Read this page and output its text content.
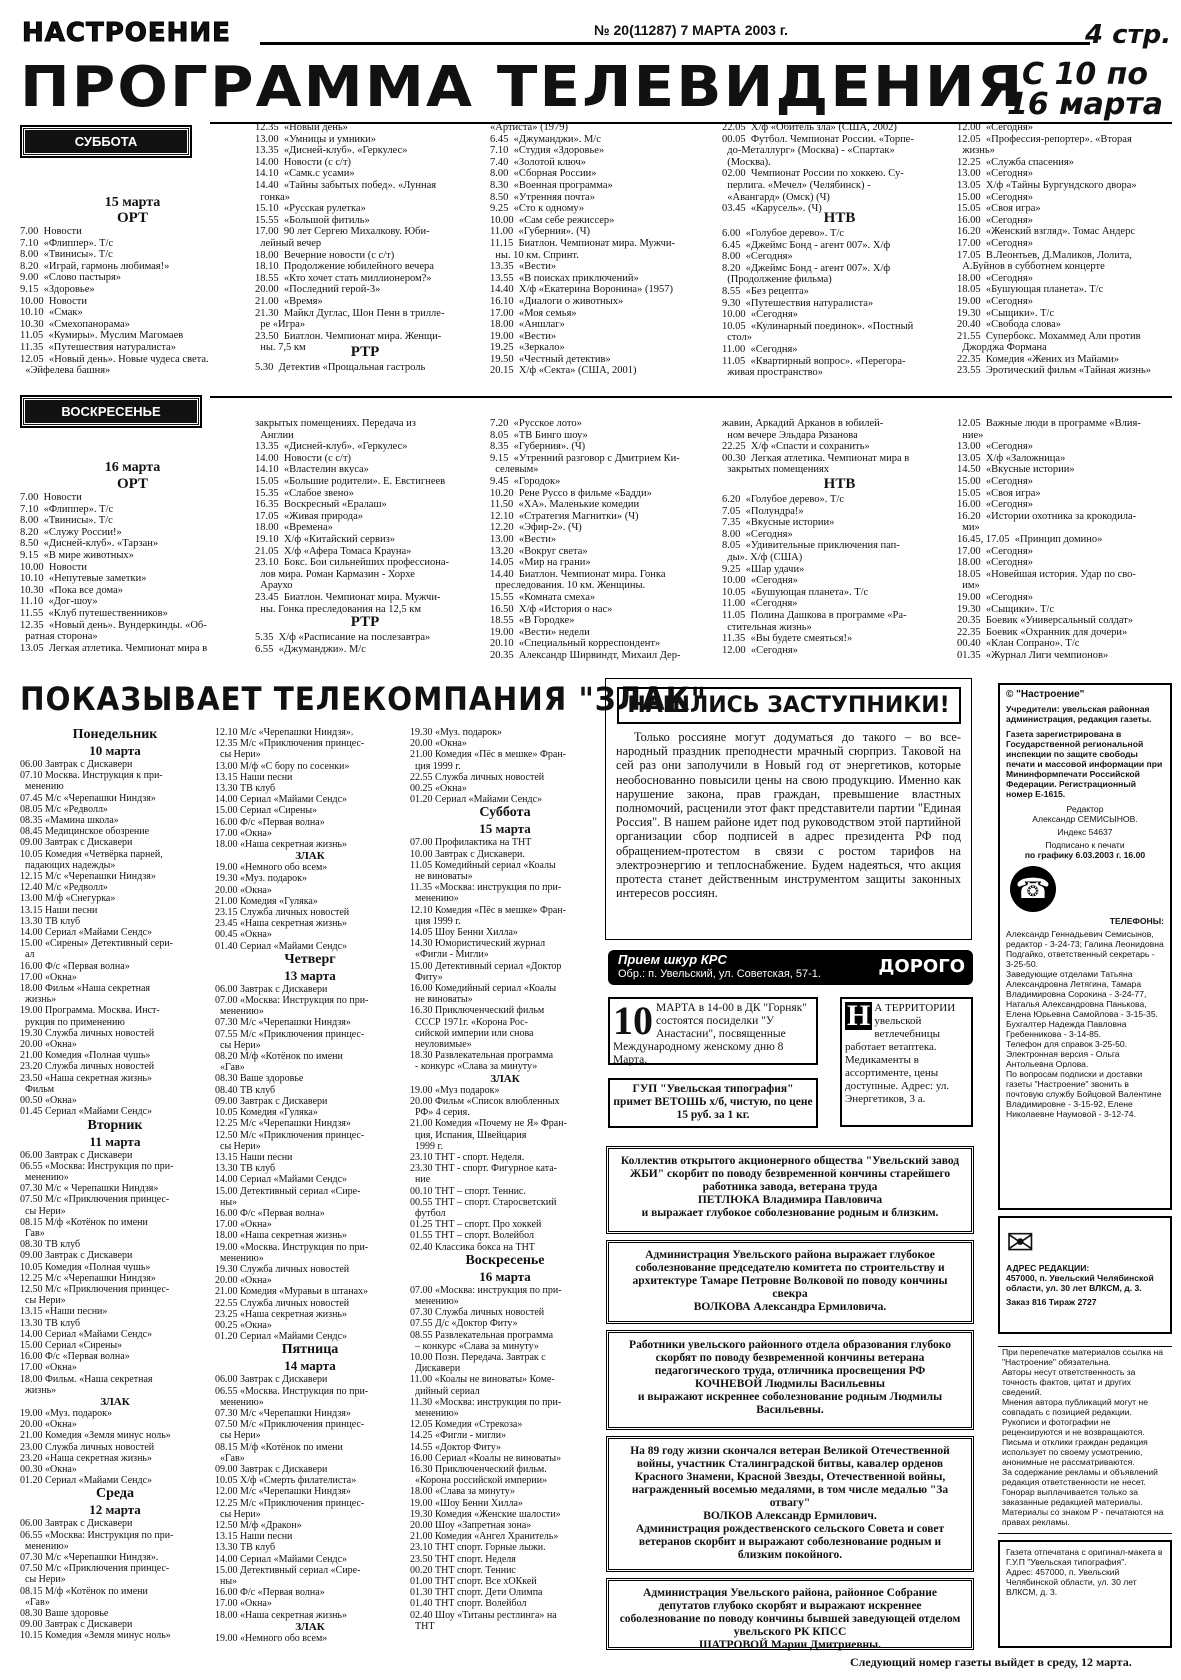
НАСТРОЕНИЕ	№ 20(11287) 7 МАРТА 2003 г.	4 стр.
ПРОГРАММА ТЕЛЕВИДЕНИЯ
С 10 по 16 марта
СУББОТА
15 марта
ОРТ
7.00  Новости
7.10  «Флиппер». Т/с
8.00  «Твинисы». Т/с
8.20  «Играй, гармонь любимая!»
9.00  «Слово пастыря»
9.15  «Здоровье»
10.00  Новости
10.10  «Смак»
10.30  «Смехопанорама»
11.05  «Кумиры». Муслим Магомаев
11.35  «Путешествия натуралиста»
12.05  «Новый день». Новые чудеса света.
«Эйфелева башня»
12.35  «Новый день»
13.00  «Умницы и умники»
13.35  «Дисней-клуб». «Геркулес»
14.00  Новости (с с/т)
14.10  «Самк.с усами»
14.40  «Тайны забытых побед». «Лунная
гонка»
15.10  «Русская рулетка»
15.55  «Большой фитиль»
17.00  90 лет Сергею Михалкову. Юби-
лейный вечер
18.00  Вечерние новости (с с/т)
18.10  Продолжение юбилейного вечера
18.55  «Кто хочет стать миллионером?»
20.00  «Последний герой-3»
21.00  «Время»
21.30  Майкл Дуглас, Шон Пенн в трилле-
ре «Игра»
23.50  Биатлон. Чемпионат мира. Женщи-
ны. 7,5 км	РТР
5.30  Детектив «Прощальная гастроль
«Артиста» (1979)
6.45  «Джуманджи». М/с
7.10  «Студия «Здоровье»
7.40  «Золотой ключ»
8.00  «Сборная России»
8.30  «Военная программа»
8.50  «Утренняя почта»
9.25  «Сто к одному»
10.00  «Сам себе режиссер»
11.00  «Губерния». (Ч)
11.15  Биатлон. Чемпионат мира. Мужчи-
ны. 10 км. Спринт.
13.35  «Вести»
13.55  «В поисках приключений»
14.40  Х/ф «Екатерина Воронина» (1957)
16.10  «Диалоги о животных»
17.00  «Моя семья»
18.00  «Аншлаг»
19.00  «Вести»
19.25  «Зеркало»
19.50  «Честный детектив»
20.15  Х/ф «Секта» (США, 2001)
22.05  Х/ф «Обитель зла» (США, 2002)
00.05  Футбол. Чемпионат России. «Торпе-
до-Металлург» (Москва) - «Спартак»
(Москва).
02.00  Чемпионат России по хоккею. Су-
перлига. «Мечел» (Челябинск) -
«Авангард» (Омск) (Ч)
03.45  «Карусель». (Ч)
НТВ
6.00  «Голубое дерево». Т/с
6.45  «Джеймс Бонд - агент 007». Х/ф
8.00  «Сегодня»
8.20  «Джеймс Бонд - агент 007». Х/ф
(Продолжение фильма)
8.55  «Без рецепта»
9.30  «Путешествия натуралиста»
10.00  «Сегодня»
10.05  «Кулинарный поединок». «Постный
стол»
11.00  «Сегодня»
11.05  «Квартирный вопрос». «Перегора-
живая пространство»
12.00  «Сегодня»
12.05  «Профессия-репортер». «Вторая
жизнь»
12.25  «Служба спасения»
13.00  «Сегодня»
13.05  Х/ф «Тайны Бургундского двора»
15.00  «Сегодня»
15.05  «Своя игра»
16.00  «Сегодня»
16.20  «Женский взгляд». Томас Андерс
17.00  «Сегодня»
17.05  В.Леонтьев, Д.Маликов, Лолита,
А.Буйнов в субботнем концерте
18.00  «Сегодня»
18.05  «Бушующая планета». Т/с
19.00  «Сегодня»
19.30  «Сыщики». Т/с
20.40  «Свобода слова»
21.55  Супербокс. Мохаммед Али против
Джорджа Формана
22.35  Комедия «Жених из Майами»
23.55  Эротический фильм «Тайная жизнь»
ВОСКРЕСЕНЬЕ
16 марта
ОРТ
7.00  Новости
7.10  «Флиппер». Т/с
8.00  «Твинисы». Т/с
8.20  «Служу России!»
8.50  «Дисней-клуб». «Тарзан»
9.15  «В мире животных»
10.00  Новости
10.10  «Непутевые заметки»
10.30  «Пока все дома»
11.10  «Дог-шоу»
11.55  «Клуб путешественников»
12.35  «Новый день». Вундеркинды. «Об-
ратная сторона»
13.05  Легкая атлетика. Чемпионат мира в
закрытых помещениях. Передача из
Англии
13.35  «Дисней-клуб». «Геркулес»
14.00  Новости (с с/т)
14.10  «Властелин вкуса»
15.05  «Большие родители». Е. Евстигнеев
15.35  «Слабое звено»
16.35  Воскресный «Ералаш»
17.05  «Живая природа»
18.00  «Времена»
19.10  Х/ф «Китайский сервиз»
21.05  Х/ф «Афера Томаса Крауна»
23.10  Бокс. Бои сильнейших профессиона-
лов мира. Роман Кармазин - Хорхе
Араухо
23.45  Биатлон. Чемпионат мира. Мужчи-
ны. Гонка преследования на 12,5 км
РТР
5.35  Х/ф «Расписание на послезавтра»
6.55  «Джуманджи». М/с
7.20  «Русское лото»
8.05  «ТВ Бинго шоу»
8.35  «Губерния». (Ч)
9.15  «Утренний разговор с Дмитрием Ки-
селевым»
9.45  «Городок»
10.20  Рене Руссо в фильме «Бадди»
11.50  «ХА». Маленькие комедии
12.10  «Стратегия Магнитки» (Ч)
12.20  «Эфир-2». (Ч)
13.00  «Вести»
13.20  «Вокруг света»
14.05  «Мир на грани»
14.40  Биатлон. Чемпионат мира. Гонка
преследования. 10 км. Женщины.
15.55  «Комната смеха»
16.50  Х/ф «История о нас»
18.55  «В Городке»
19.00  «Вести» недели
20.10  «Специальный корреспондент»
20.35  Александр Ширвиндт, Михаил Дер-
жавин, Аркадий Арканов в юбилей-
ном вечере Эльдара Рязанова
22.25  Х/ф «Спасти и сохранить»
00.30  Легкая атлетика. Чемпионат мира в
закрытых помещениях
НТВ
6.20  «Голубое дерево». Т/с
7.05  «Полундра!»
7.35  «Вкусные истории»
8.00  «Сегодня»
8.05  «Удивительные приключения пап-
ды». Х/ф (США)
9.25  «Шар удачи»
10.00  «Сегодня»
10.05  «Бушующая планета». Т/с
11.00  «Сегодня»
11.05  Полина Дашкова в программе «Ра-
стительная жизнь»
11.35  «Вы будете смеяться!»
12.00  «Сегодня»
12.05  Важные люди в программе «Влия-
ние»
13.00  «Сегодня»
13.05  Х/ф «Заложница»
14.50  «Вкусные истории»
15.00  «Сегодня»
15.05  «Своя игра»
16.00  «Сегодня»
16.20  «Истории охотника за крокодила-
ми»
16.45, 17.05  «Принцип домино»
17.00  «Сегодня»
18.00  «Сегодня»
18.05  «Новейшая история. Удар по сво-
им»
19.00  «Сегодня»
19.30  «Сыщики». Т/с
20.35  Боевик «Универсальный солдат»
22.35  Боевик «Охранник для дочери»
00.40  «Клан Сопрано». Т/с
01.35  «Журнал Лиги чемпионов»
ПОКАЗЫВАЕТ ТЕЛЕКОМПАНИЯ "ЗЛАК"
Понедельник
10 марта
06.00 Завтрак с Дискавери
07.10 Москва. Инструкция к при-
менению
07.45 М/с «Черепашки Ниндзя»
08.05 М/с «Редволл»
08.35 «Мамина школа»
08.45 Медицинское обозрение
09.00 Завтрак с Дискавери
10.05 Комедия «Четвёрка парней,
падающих надежды»
12.15 М/с «Черепашки Ниндзя»
12.40 М/с «Редволл»
13.00 М/ф «Снегурка»
13.15 Наши песни
13.30 ТВ клуб
14.00 Сериал «Майами Сендс»
15.00 «Сирены» Детективный сери-
ал
16.00 Ф/с «Первая волна»
17.00 «Окна»
18.00 Фильм «Наша секретная
жизнь»
19.00 Программа. Москва. Инст-
рукция по применению
19.30 Служба личных новостей
20.00 «Окна»
21.00 Комедия «Полная чушь»
23.20 Служба личных новостей
23.50 «Наша секретная жизнь»
Фильм
00.50 «Окна»
01.45 Сериал «Майами Сендс»
Вторник
11 марта
06.00 Завтрак с Дискавери
06.55 «Москва: Инструкция по при-
менению»
07.30 М/с « Черепашки Ниндзя»
07.50 М/с «Приключения принцес-
сы Нери»
08.15 М/ф «Котёнок по имени
Гав»
08.30 ТВ клуб
09.00 Завтрак с Дискавери
10.05 Комедия «Полная чушь»
12.25 М/с «Черепашки Ниндзя»
12.50 М/с «Приключения принцес-
сы Нери»
13.15 «Наши песни»
13.30 ТВ клуб
14.00 Сериал «Майами Сендс»
15.00 Сериал «Сирены»
16.00 Ф/с «Первая волна»
17.00 «Окна»
18.00 Фильм. «Наша секретная
жизнь»
ЗЛАК
19.00 «Муз. подарок»
20.00 «Окна»
21.00 Комедия «Земля минус ноль»
23.00 Служба личных новостей
23.20 «Наша секретная жизнь»
00.30 «Окна»
01.20 Сериал «Майами Сендс»
Среда
12 марта
06.00 Завтрак с Дискавери
06.55 «Москва: Инструкция по при-
менению»
07.30 М/с «Черепашки Ниндзя».
07.50 М/с «Приключения принцес-
сы Нери»
08.15 М/ф «Котёнок по имени
«Гав»
08.30 Ваше здоровье
09.00 Завтрак с Дискавери
10.15 Комедия «Земля минус ноль»
12.10 М/с «Черепашки Ниндзя».
12.35 М/с «Приключения принцес-
сы Нери»
13.00 М/ф «С бору по сосенки»
13.15 Наши песни
13.30 ТВ клуб
14.00 Сериал «Майами Сендс»
15.00 Сериал «Сирены»
16.00 Ф/с «Первая волна»
17.00 «Окна»
18.00 «Наша секретная жизнь»
ЗЛАК
19.00 «Немного обо всем»
19.30 «Муз. подарок»
20.00 «Окна»
21.00 Комедия «Гуляка»
23.15 Служба личных новостей
23.45 «Наша секретная жизнь»
00.45 «Окна»
01.40 Сериал «Майами Сендс»
Четверг
13 марта
06.00 Завтрак с Дискавери
07.00 «Москва: Инструкция по при-
менению»
07.30 М/с «Черепашки Ниндзя»
07.55 М/с «Приключения принцес-
сы Нери»
08.20 М/ф «Котёнок по имени
«Гав»
08.30 Ваше здоровье
08.40 ТВ клуб
09.00 Завтрак с Дискавери
10.05 Комедия «Гуляка»
12.25 М/с «Черепашки Ниндзя»
12.50 М/с «Приключения принцес-
сы Нери»
13.15 Наши песни
13.30 ТВ клуб
14.00 Сериал «Майами Сендс»
15.00 Детективный сериал «Сире-
ны»
16.00 Ф/с «Первая волна»
17.00 «Окна»
18.00 «Наша секретная жизнь»
19.00 «Москва. Инструкция по при-
менению»
19.30 Служба личных новостей
20.00 «Окна»
21.00 Комедия «Муравьи в штанах»
22.55 Служба личных новостей
23.25 «Наша секретная жизнь»
00.25 «Окна»
01.20 Сериал «Майами Сендс»
Пятница
14 марта
06.00 Завтрак с Дискавери
06.55 «Москва. Инструкция по при-
менению»
07.30 М/с «Черепашки Ниндзя»
07.50 М/с «Приключения принцес-
сы Нери»
08.15 М/ф «Котёнок по имени
«Гав»
09.00 Завтрак с Дискавери
10.05 Х/ф «Смерть филателиста»
12.00 М/с «Черепашки Ниндзя»
12.25 М/с «Приключения принцес-
сы Нери»
12.50 М/ф «Дракон»
13.15 Наши песни
13.30 ТВ клуб
14.00 Сериал «Майами Сендс»
15.00 Детективный сериал «Сире-
ны»
16.00 Ф/с «Первая волна»
17.00 «Окна»
18.00 «Наша секретная жизнь»
ЗЛАК
19.00 «Немного обо всем»
19.30 «Муз. подарок»
20.00 «Окна»
21.00 Комедия «Пёс в мешке» Фран-
ция 1999 г.
22.55 Служба личных новостей
00.25 «Окна»
01.20 Сериал «Майами Сендс»
Суббота
15 марта
07.00 Профилактика на ТНТ
10.00 Завтрак с Дискавери.
11.05 Комедийный сериал «Коалы
не виноваты»
11.35 «Москва: инструкция по при-
менению»
12.10 Комедия «Пёс в мешке» Фран-
ция 1999 г.
14.05 Шоу Бенни Хилла»
14.30 Юмористический журнал
«Фигли - Мигли»
15.00 Детективный сериал «Доктор
Фиту»
16.00 Комедийный сериал «Коалы
не виноваты»
16.30 Приключенческий фильм
СССР 1971г. «Корона Рос-
сийской империи или снова
неуловимые»
18.30 Развлекательная программа
- конкурс «Слава за минуту»
ЗЛАК
19.00 «Муз подарок»
20.00 Фильм «Список влюбленных
РФ» 4 серия.
21.00 Комедия «Почему не Я» Фран-
ция, Испания, Швейцария
1999 г.
23.10 ТНТ - спорт. Неделя.
23.30 ТНТ - спорт. Фигурное ката-
ние
00.10 ТНТ – спорт. Теннис.
00.55 ТНТ – спорт. Старосветский
футбол
01.25 ТНТ – спорт. Про хоккей
01.55 ТНТ – спорт. Волейбол
02.40 Классика бокса на ТНТ
Воскресенье
16 марта
07.00 «Москва: инструкция по при-
менению»
07.30 Служба личных новостей
07.55 Д/с «Доктор Фиту»
08.55 Развлекательная программа
– конкурс «Слава за минуту»
10.00 Позн. Передача. Завтрак с
Дискавери
11.00 «Коалы не виноваты» Коме-
дийный сериал
11.30 «Москва: инструкция по при-
менению»
12.05 Комедия «Стрекоза»
14.25 «Фигли - мигли»
14.55 «Доктор Фиту»
16.00 Сериал «Коалы не виноваты»
16.30 Приключенческий фильм.
«Корона российской империи»
18.00 «Слава за минуту»
19.00 «Шоу Бенни Хилла»
19.30 Комедия «Женские шалости»
20.00 Шоу «Запретная зона»
21.00 Комедия «Ангел Хранитель»
23.10 ТНТ спорт. Горные лыжи.
23.50 ТНТ спорт. Неделя
00.20 ТНТ спорт. Теннис
01.00 ТНТ спорт. Все хОКкей
01.30 ТНТ спорт. Дети Олимпа
01.40 ТНТ спорт. Волейбол
02.40 Шоу «Титаны рестлинга» на
ТНТ
НАШЛИСЬ ЗАСТУПНИКИ!
Только россияне могут додуматься до такого – во все-народный праздник преподнести мрачный сюрприз. Таковой на сей раз они заполучили в Новый год от энергетиков, которые необоснованно повысили цены на свою продукцию. Именно как нарушение закона, прав граждан, превышение властных полномочий, расценили этот факт представители партии "Единая Россия". В нашем районе идет под руководством этой партийной организации сбор подписей в адрес президента РФ под обращением-протестом в связи с ростом тарифов на электроэнергию и теплоснабжение. Будем надеяться, что акция протеста станет действенным инструментом защиты законных интересов россиян.
Прием шкур КРС
Обр.: п. Увельский, ул. Советская, 57-1.	ДОРОГО
10 МАРТА в 14-00 в ДК "Горняк" состоятся посиделки "У Анастасии", посвященные Международному женскому дню 8 Марта.
Н А ТЕРРИТОРИИ увельской ветлечебницы работает ветаптека. Медикаменты в ассортименте, цены доступные. Адрес: ул. Энергетиков, 3 а.
ГУП "Увельская типография" примет ВЕТОШЬ х/б, чистую, по цене 15 руб. за 1 кг.
Коллектив открытого акционерного общества "Увельский завод ЖБИ" скорбит по поводу безвременной кончины старейшего работника завода, ветерана труда
ПЕТЛЮКА Владимира Павловича
и выражает глубокое соболезнование родным и близким.
Администрация Увельского района выражает глубокое соболезнование председателю комитета по строительству и архитектуре Тамаре Петровне Волковой по поводу кончины свекра
ВОЛКОВА Александра Ермиловича.
Работники увельского районного отдела образования глубоко скорбят по поводу безвременной кончины ветерана педагогического труда, отличника просвещения РФ
КОЧНЕВОЙ Людмилы Васильевны
и выражают искреннее соболезнование родным Людмилы Васильевны.
На 89 году жизни скончался ветеран Великой Отечественной войны, участник Сталинградской битвы, кавалер орденов Красного Знамени, Красной Звезды, Отечественной войны, награжденный восемью медалями, в том числе медалью "За отвагу"
ВОЛКОВ Александр Ермилович.
Администрация рождественского сельского Совета и совет ветеранов скорбит и выражают соболезнование родным и близким покойного.
Администрация Увельского района, районное Собрание депутатов глубоко скорбят и выражают искреннее соболезнование по поводу кончины бывшей заведующей отделом увельского РК КПСС
ШАТРОВОЙ Марии Дмитриевны.
© "Настроение"
Учредители: увельская районная администрация, редакция газеты.
Газета зарегистрирована в Государственной региональной инспекции по защите свободы печати и массовой информации при Мининформпечати Российской Федерации. Регистрационный номер Е-1615.
Редактор
Александр СЕМИСЫНОВ.
Индекс 54637
Подписано к печати
по графику 6.03.2003 г. 16.00
☎
ТЕЛЕФОНЫ:
Александр Геннадьевич Семисынов, редактор - 3-24-73; Галина Леонидовна Подгайко, ответственный секретарь - 3-25-50.
Заведующие отделами Татьяна Александровна Летягина, Тамара Владимировна Сорокина - 3-24-77, Наталья Александровна Панькова, Елена Юрьевна Самойлова - 3-15-35.
Бухгалтер Надежда Павловна Гребенникова - 3-14-85.
Телефон для справок 3-25-50.
Электронная версия - Ольга Антольевна Орлова.
По вопросам подписки и доставки газеты "Настроение" звонить в почтовую службу Бойцовой Валентине Владимировне - 3-15-92, Елене Николаевне Наумовой - 3-12-74.
✉
АДРЕС РЕДАКЦИИ:
457000, п. Увельский Челябинской области, ул. 30 лет ВЛКСМ, д. 3.
Заказ 816 Тираж 2727
При перепечатке материалов ссылка на "Настроение" обязательна.
Авторы несут ответственность за точность фактов, цитат и других сведений.
Мнения автора публикаций могут не совпадать с позицией редакции. Рукописи и фотографии не рецензируются и не возвращаются.
Письма и отклики граждан редакция использует по своему усмотрению, анонимные не рассматриваются.
За содержание рекламы и объявлений редакция ответственности не несет.
Гонорар выплачивается только за заказанные редакцией материалы.
Материалы со знаком Р - печатаются на правах рекламы.
Газета отпечатана с оригинал-макета в Г.У.П "Увельская типография".
Адрес: 457000, п. Увельский Челябинской области, ул. 30 лет ВЛКСМ, д. 3.
Следующий номер газеты выйдет в среду, 12 марта.
